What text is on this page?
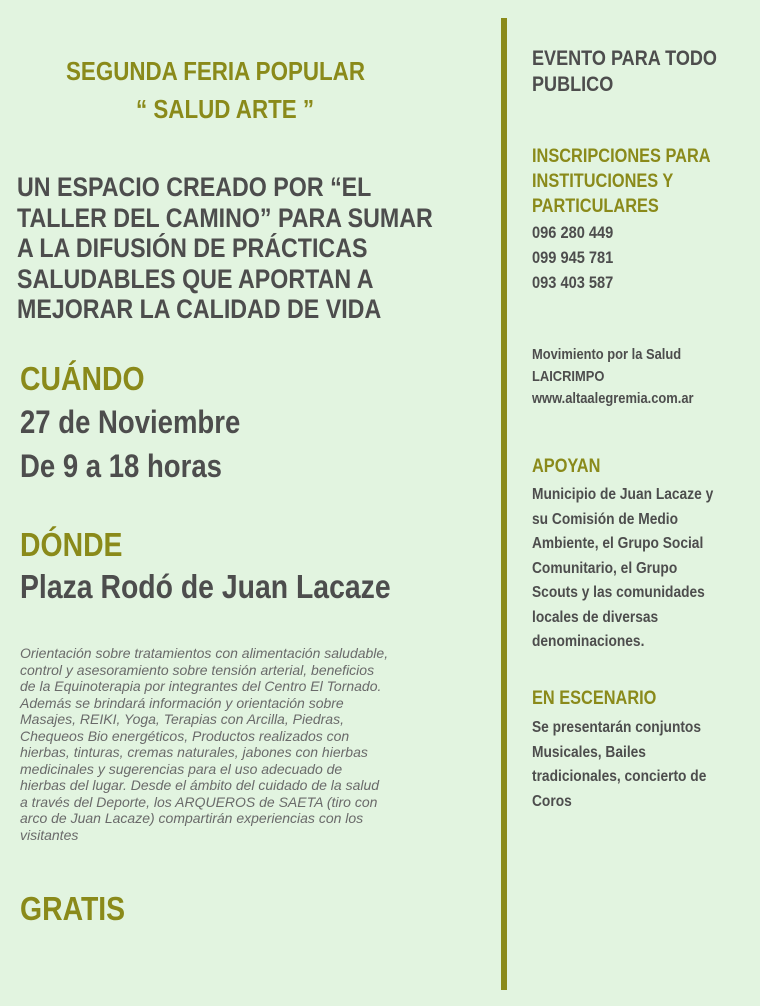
SEGUNDA FERIA POPULAR
“ SALUD ARTE ”
UN ESPACIO CREADO POR “EL
TALLER DEL CAMINO” PARA SUMAR
A LA DIFUSIÓN DE PRÁCTICAS
SALUDABLES QUE APORTAN A
MEJORAR LA CALIDAD DE VIDA
CUÁNDO
27 de Noviembre
De 9 a 18 horas
DÓNDE
Plaza Rodó de Juan Lacaze
Orientación sobre tratamientos con alimentación saludable,
control y asesoramiento sobre tensión arterial, beneficios
de la Equinoterapia por integrantes del Centro El Tornado.
Además se brindará información y orientación sobre
Masajes, REIKI, Yoga, Terapias con Arcilla, Piedras,
Chequeos Bio energéticos, Productos realizados con
hierbas, tinturas, cremas naturales, jabones con hierbas
medicinales y sugerencias para el uso adecuado de
hierbas del lugar. Desde el ámbito del cuidado de la salud
a través del Deporte, los ARQUEROS de SAETA (tiro con
arco de Juan Lacaze) compartirán experiencias con los
visitantes
GRATIS
EVENTO PARA TODO
PUBLICO
INSCRIPCIONES PARA
INSTITUCIONES Y
PARTICULARES
096 280 449
099 945 781
093 403 587
Movimiento por la Salud
LAICRIMPO
www.altaalegremia.com.ar
APOYAN
Municipio de Juan Lacaze y
su Comisión de Medio
Ambiente, el Grupo Social
Comunitario, el Grupo
Scouts y las comunidades
locales de diversas
denominaciones.
EN ESCENARIO
Se presentarán conjuntos
Musicales, Bailes
tradicionales, concierto de
Coros
